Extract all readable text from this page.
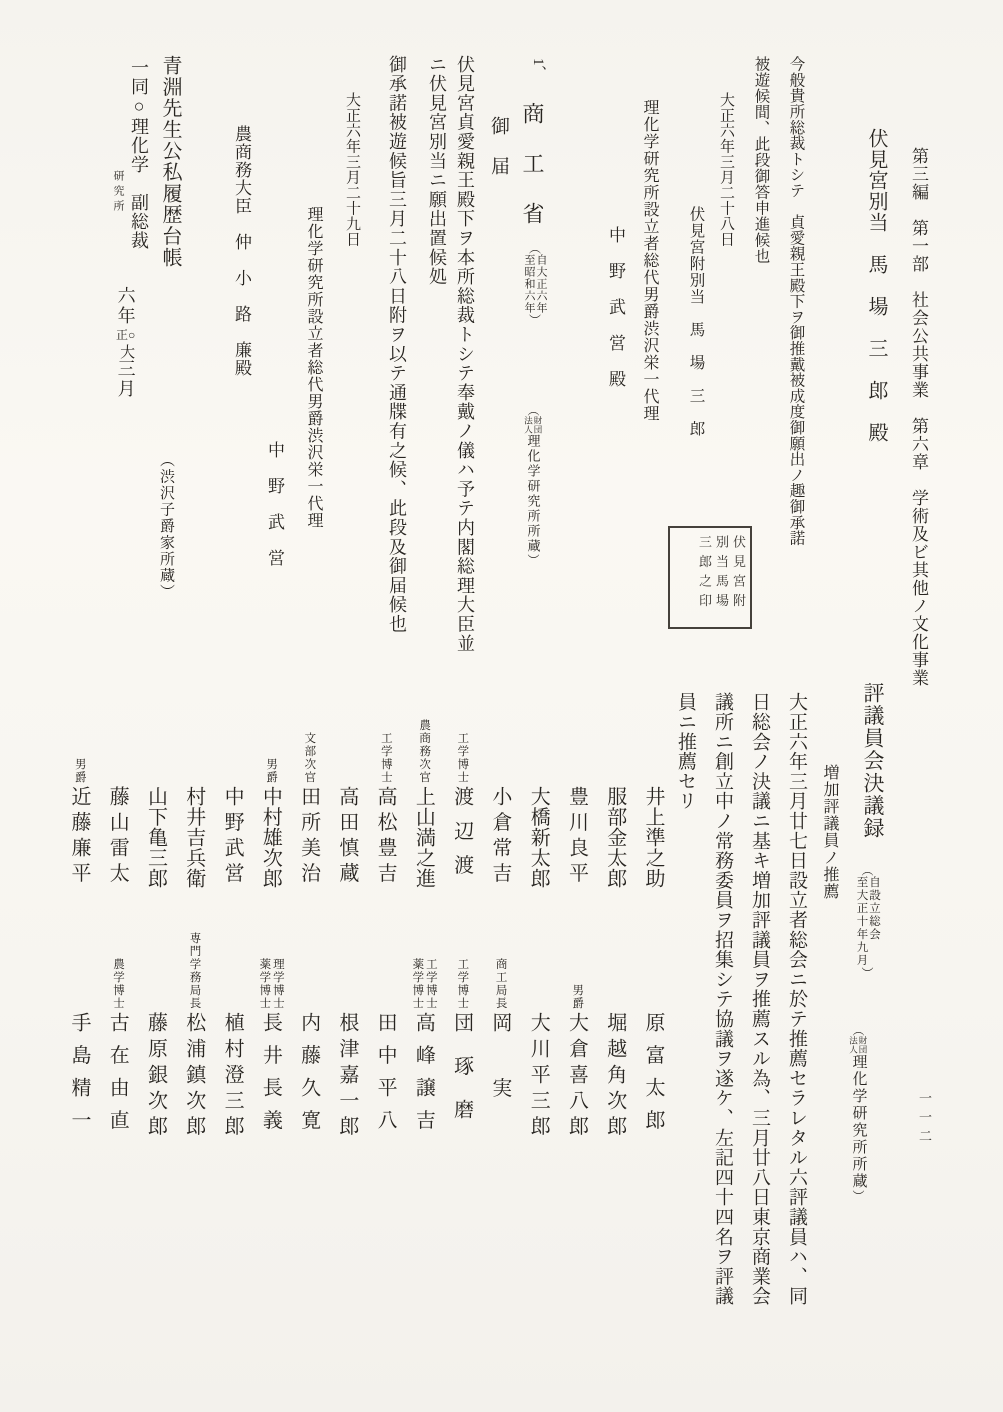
第三編　第一部　社会公共事業　第六章　学術及ビ其他ノ文化事業
一一二
伏見宮別当　馬　場　三　郎　殿
今般貴所総裁トシテ　貞愛親王殿下ヲ御推戴被成度御願出ノ趣御承諾
被遊候間、此段御答申進候也
大正六年三月二十八日
伏見宮附別当　馬　場　三　郎
伏見宮附
別当馬場
三郎之印
理化学研究所設立者総代男爵渋沢栄一代理
中　野　武　営　殿
1、
商　工　省
（
自大正六年
至昭和六年
）
（
財団
法人
理化学研究所所蔵
）
御　届
伏見宮貞愛親王殿下ヲ本所総裁トシテ奉戴ノ儀ハ予テ内閣総理大臣並
ニ伏見宮別当ニ願出置候処
御承諾被遊候旨三月二十八日附ヲ以テ通牒有之候、此段及御届候也
大正六年三月二十九日
理化学研究所設立者総代男爵渋沢栄一代理
中　野　武　営
農商務大臣　仲　小　路　廉殿
青淵先生公私履歴台帳
（渋沢子爵家所蔵）
一同○理化学　副総裁
研究所
六年
正○
大
三月
評議員会決議録
（
自設立総会
至大正十年九月
）
（
財団
法人
理化学研究所所蔵
）
増加評議員ノ推薦
大正六年三月廿七日設立者総会ニ於テ推薦セラレタル六評議員ハ、同
日総会ノ決議ニ基キ増加評議員ヲ推薦スル為、三月廿八日東京商業会
議所ニ創立中ノ常務委員ヲ招集シテ協議ヲ遂ケ、左記四十四名ヲ評議
員ニ推薦セリ
井上準之助
服部金太郎
豊川良平
大橋新太郎
小倉常吉
工学博士
渡辺渡
農商務次官
上山満之進
工学博士
高松豊吉
高田慎蔵
文部次官
田所美治
男爵
中村雄次郎
中野武営
村井吉兵衛
山下亀三郎
藤山雷太
男爵
近藤廉平
原富太郎
堀越角次郎
男爵
大倉喜八郎
大川平三郎
商工局長
岡実
工学博士
団琢磨
工学博士
薬学博士
高峰譲吉
田中平八
根津嘉一郎
内藤久寛
理学博士
薬学博士
長井長義
植村澄三郎
専門学務局長
松浦鎮次郎
藤原銀次郎
農学博士
古在由直
手島精一
